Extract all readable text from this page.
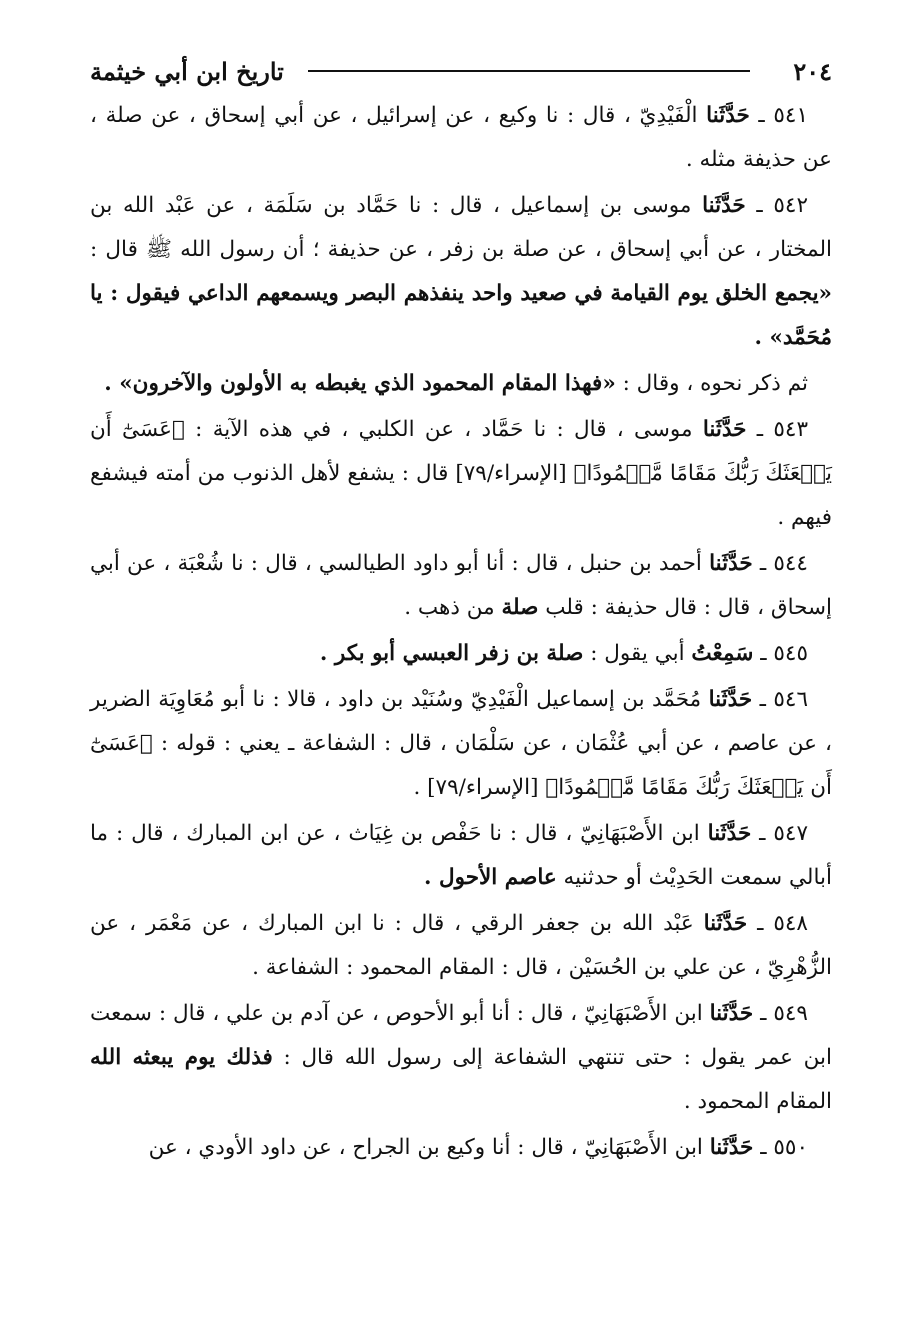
تاريخ ابن أبي خيثمة	٢٠٤

٥٤١ ـ حَدَّثَنا الْفَيْدِيّ ، قال : نا وكيع ، عن إسرائيل ، عن أبي إسحاق ، عن صلة ، عن حذيفة مثله .

٥٤٢ ـ حَدَّثَنا موسى بن إسماعيل ، قال : نا حَمَّاد بن سَلَمَة ، عن عَبْد الله بن المختار ، عن أبي إسحاق ، عن صلة بن زفر ، عن حذيفة ؛ أن رسول الله ﷺ قال : «يجمع الخلق يوم القيامة في صعيد واحد ينفذهم البصر ويسمعهم الداعي فيقول : يا مُحَمَّد» .

ثم ذكر نحوه ، وقال : «فهذا المقام المحمود الذي يغبطه به الأولون والآخرون» .

٥٤٣ ـ حَدَّثَنا موسى ، قال : نا حَمَّاد ، عن الكلبي ، في هذه الآية : ﴿عَسَىٰٓ أَن يَبۡعَثَكَ رَبُّكَ مَقَامًا مَّحۡمُودًا﴾ [الإسراء/٧٩] قال : يشفع لأهل الذنوب من أمته فيشفع فيهم .

٥٤٤ ـ حَدَّثَنا أحمد بن حنبل ، قال : أنا أبو داود الطيالسي ، قال : نا شُعْبَة ، عن أبي إسحاق ، قال : قال حذيفة : قلب صلة من ذهب .

٥٤٥ ـ سَمِعْتُ أبي يقول : صلة بن زفر العبسي أبو بكر .

٥٤٦ ـ حَدَّثَنا مُحَمَّد بن إسماعيل الْفَيْدِيّ وسُنَيْد بن داود ، قالا : نا أبو مُعَاوِيَة الضرير ، عن عاصم ، عن أبي عُثْمَان ، عن سَلْمَان ، قال : الشفاعة ـ يعني : قوله : ﴿عَسَىٰٓ أَن يَبۡعَثَكَ رَبُّكَ مَقَامًا مَّحۡمُودًا﴾ [الإسراء/٧٩] .

٥٤٧ ـ حَدَّثَنا ابن الأَصْبَهَانِيّ ، قال : نا حَفْص بن غِيَاث ، عن ابن المبارك ، قال : ما أبالي سمعت الحَدِيْث أو حدثنيه عاصم الأحول .

٥٤٨ ـ حَدَّثَنا عَبْد الله بن جعفر الرقي ، قال : نا ابن المبارك ، عن مَعْمَر ، عن الزُّهْرِيّ ، عن علي بن الحُسَيْن ، قال : المقام المحمود : الشفاعة .

٥٤٩ ـ حَدَّثَنا ابن الأَصْبَهَانِيّ ، قال : أنا أبو الأحوص ، عن آدم بن علي ، قال : سمعت ابن عمر يقول : حتى تنتهي الشفاعة إلى رسول الله قال : فذلك يوم يبعثه الله المقام المحمود .

٥٥٠ ـ حَدَّثَنا ابن الأَصْبَهَانِيّ ، قال : أنا وكيع بن الجراح ، عن داود الأودي ، عن
